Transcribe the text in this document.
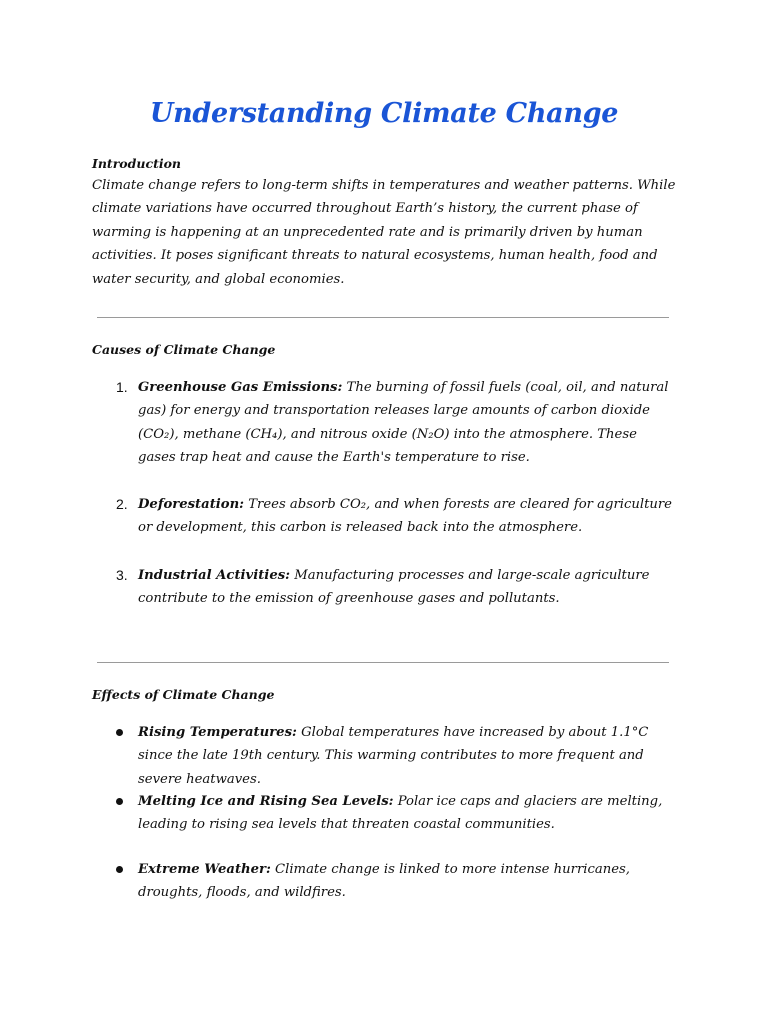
Understanding Climate Change
Introduction
Climate change refers to long-term shifts in temperatures and weather patterns. While climate variations have occurred throughout Earth’s history, the current phase of warming is happening at an unprecedented rate and is primarily driven by human activities. It poses significant threats to natural ecosystems, human health, food and water security, and global economies.
Causes of Climate Change
1. Greenhouse Gas Emissions: The burning of fossil fuels (coal, oil, and natural gas) for energy and transportation releases large amounts of carbon dioxide (CO₂), methane (CH₄), and nitrous oxide (N₂O) into the atmosphere. These gases trap heat and cause the Earth's temperature to rise.
2. Deforestation: Trees absorb CO₂, and when forests are cleared for agriculture or development, this carbon is released back into the atmosphere.
3. Industrial Activities: Manufacturing processes and large-scale agriculture contribute to the emission of greenhouse gases and pollutants.
Effects of Climate Change
Rising Temperatures: Global temperatures have increased by about 1.1°C since the late 19th century. This warming contributes to more frequent and severe heatwaves.
Melting Ice and Rising Sea Levels: Polar ice caps and glaciers are melting, leading to rising sea levels that threaten coastal communities.
Extreme Weather: Climate change is linked to more intense hurricanes, droughts, floods, and wildfires.
